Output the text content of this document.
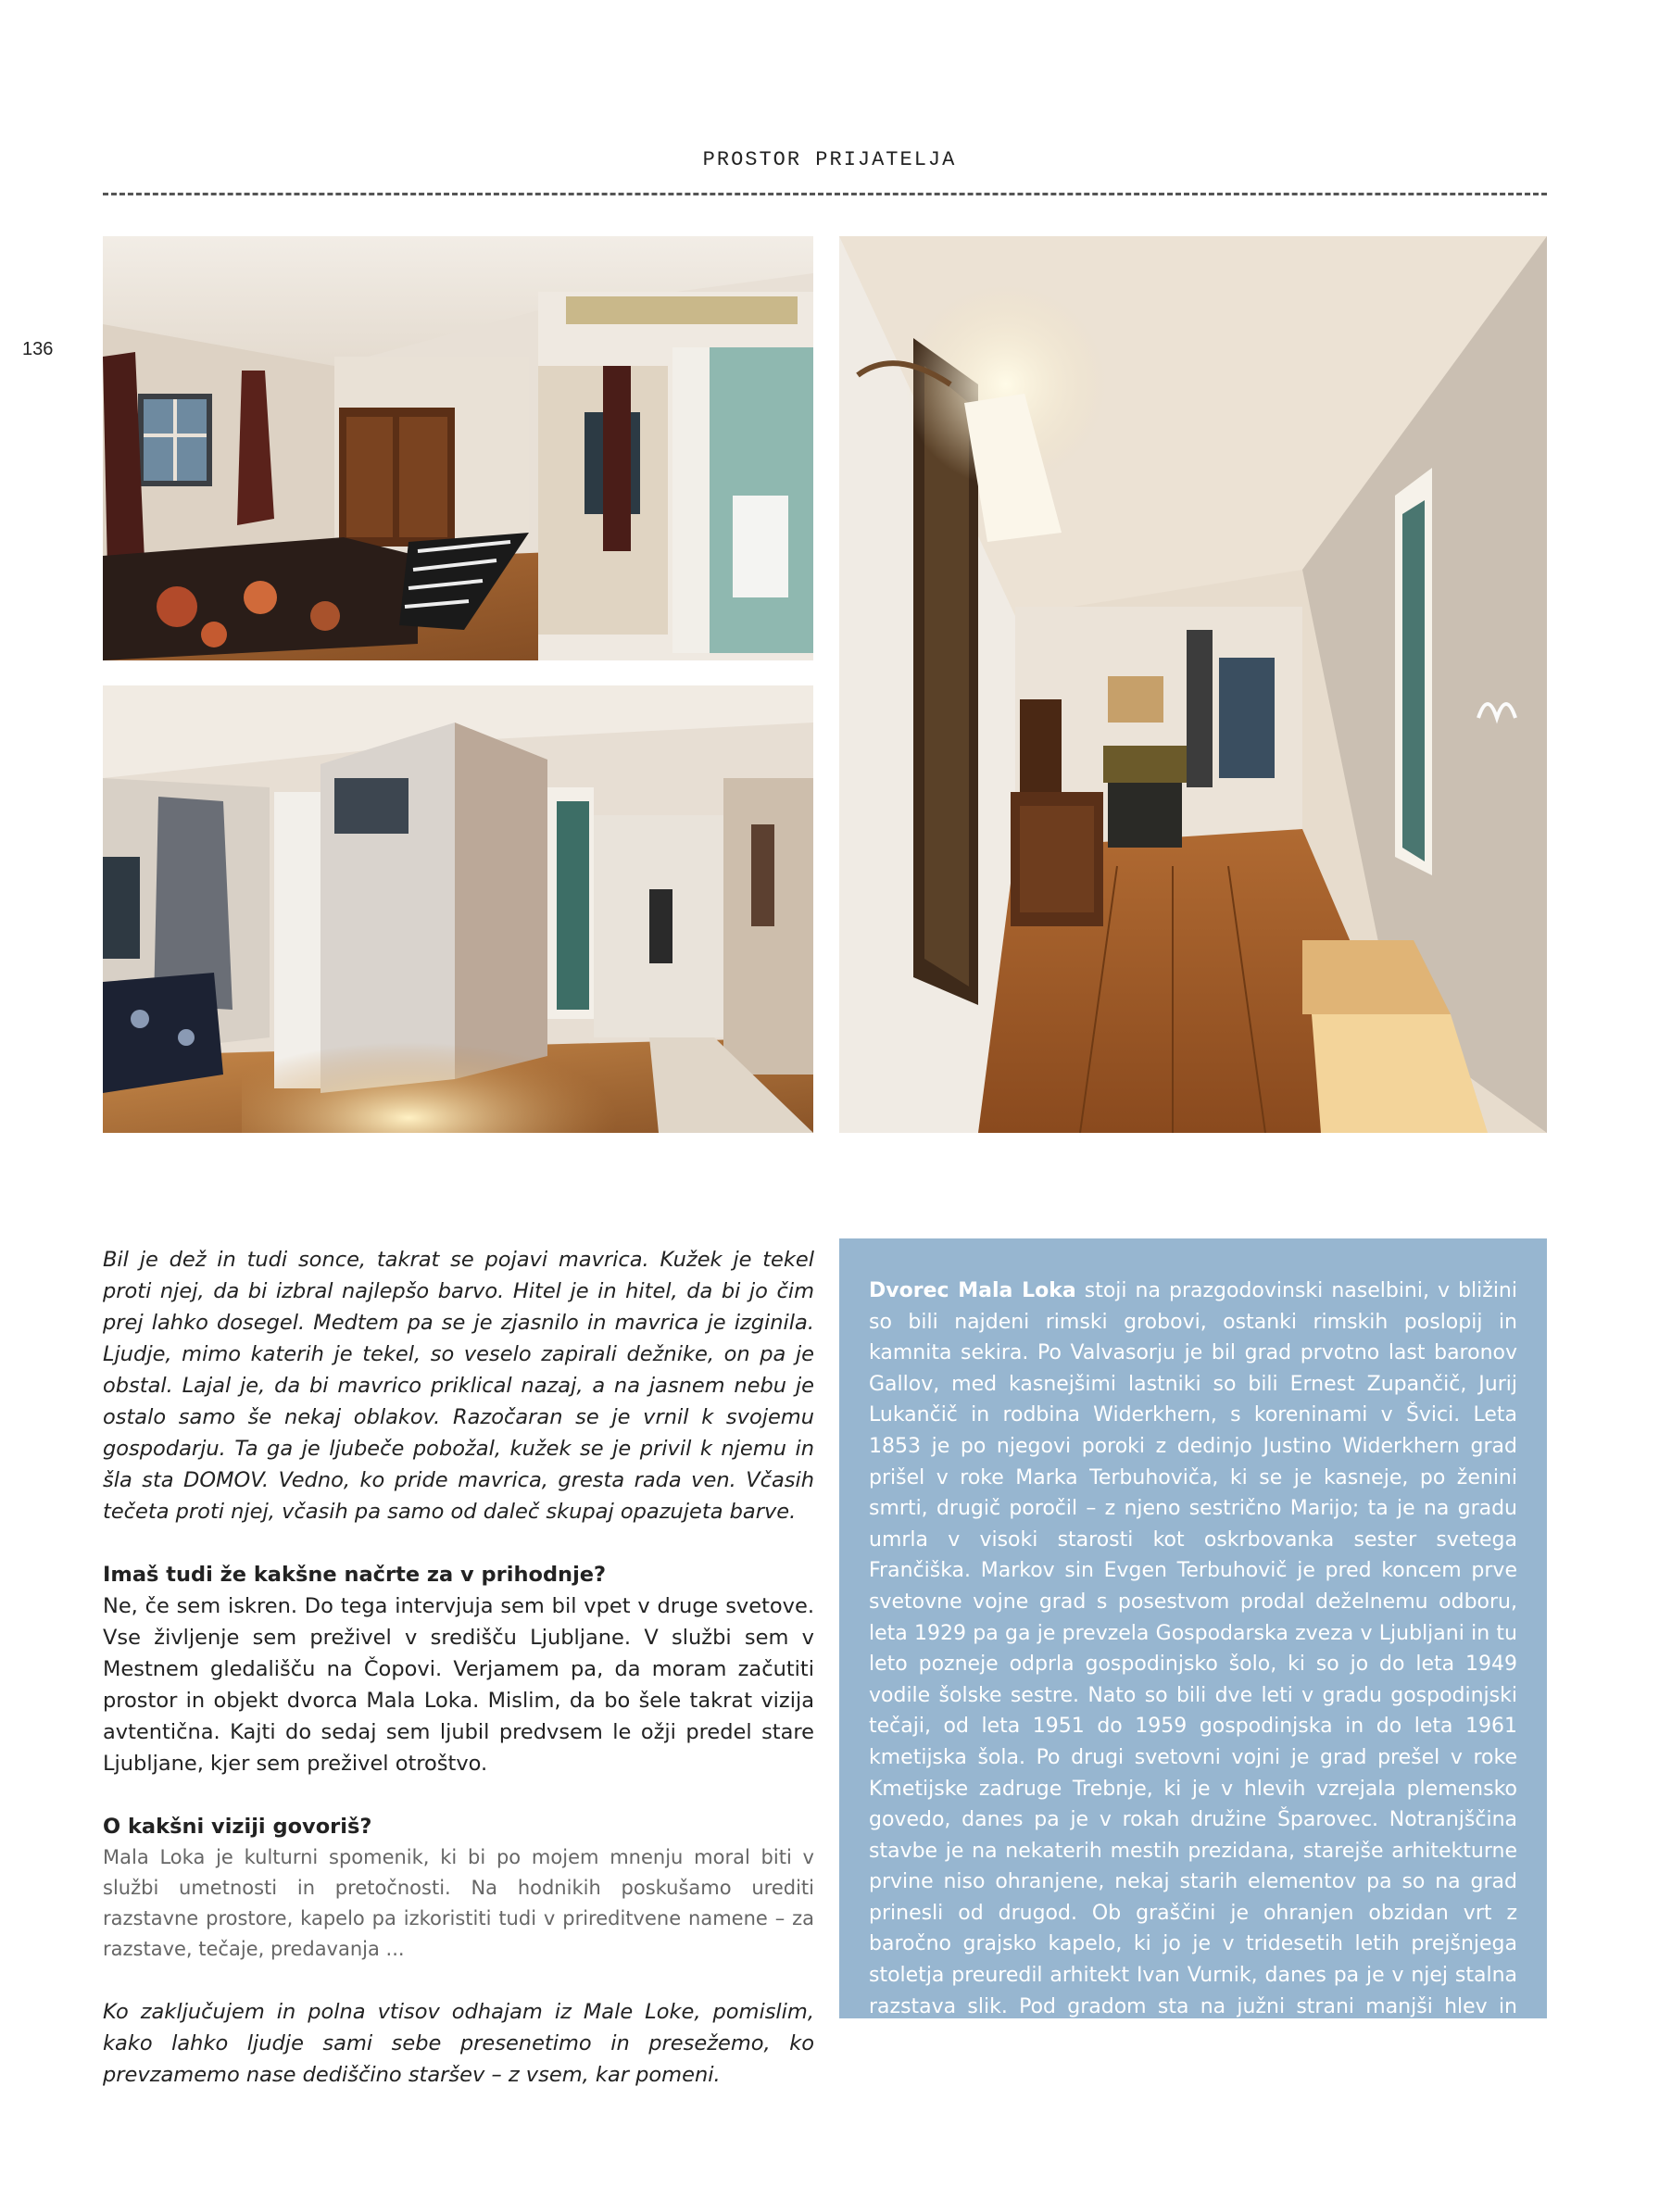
PROSTOR PRIJATELJA
136

Bil je dež in tudi sonce, takrat se pojavi mavrica. Kužek je tekel proti njej, da bi izbral najlepšo barvo. Hitel je in hitel, da bi jo čim prej lahko dosegel. Medtem pa se je zjasnilo in mavrica je izginila. Ljudje, mimo katerih je tekel, so veselo zapirali dežnike, on pa je obstal. Lajal je, da bi mavrico priklical nazaj, a na jasnem nebu je ostalo samo še nekaj oblakov. Razočaran se je vrnil k svojemu gospodarju. Ta ga je ljubeče pobožal, kužek se je privil k njemu in šla sta DOMOV. Vedno, ko pride mavrica, gresta rada ven. Včasih tečeta proti njej, včasih pa samo od daleč skupaj opazujeta barve.

Imaš tudi že kakšne načrte za v prihodnje?

Ne, če sem iskren. Do tega intervjuja sem bil vpet v druge svetove. Vse življenje sem preživel v središču Ljubljane. V službi sem v Mestnem gledališču na Čopovi. Verjamem pa, da moram začutiti prostor in objekt dvorca Mala Loka. Mislim, da bo šele takrat vizija avtentična. Kajti do sedaj sem ljubil predvsem le ožji predel stare Ljubljane, kjer sem preživel otroštvo.

O kakšni viziji govoriš?

Mala Loka je kulturni spomenik, ki bi po mojem mnenju moral biti v službi umetnosti in pretočnosti. Na hodnikih poskušamo urediti razstavne prostore, kapelo pa izkoristiti tudi v prireditvene namene – za razstave, tečaje, predavanja ...

Ko zaključujem in polna vtisov odhajam iz Male Loke, pomislim, kako lahko ljudje sami sebe presenetimo in presežemo, ko prevzamemo nase dediščino staršev – z vsem, kar pomeni.

Dvorec Mala Loka stoji na prazgodovinski naselbini, v bližini so bili najdeni rimski grobovi, ostanki rimskih poslopij in kamnita sekira. Po Valvasorju je bil grad prvotno last baronov Gallov, med kasnejšimi lastniki so bili Ernest Zupančič, Jurij Lukančič in rodbina Widerkhern, s koreninami v Švici. Leta 1853 je po njegovi poroki z dedinjo Justino Widerkhern grad prišel v roke Marka Terbuhoviča, ki se je kasneje, po ženini smrti, drugič poročil – z njeno sestrično Marijo; ta je na gradu umrla v visoki starosti kot oskrbovanka sester svetega Frančiška. Markov sin Evgen Terbuhovič je pred koncem prve svetovne vojne grad s posestvom prodal deželnemu odboru, leta 1929 pa ga je prevzela Gospodarska zveza v Ljubljani in tu leto pozneje odprla gospodinjsko šolo, ki so jo do leta 1949 vodile šolske sestre. Nato so bili dve leti v gradu gospodinjski tečaji, od leta 1951 do 1959 gospodinjska in do leta 1961 kmetijska šola. Po drugi svetovni vojni je grad prešel v roke Kmetijske zadruge Trebnje, ki je v hlevih vzrejala plemensko govedo, danes pa je v rokah družine Šparovec. Notranjščina stavbe je na nekaterih mestih prezidana, starejše arhitekturne prvine niso ohranjene, nekaj starih elementov pa so na grad prinesli od drugod. Ob graščini je ohranjen obzidan vrt z baročno grajsko kapelo, ki jo je v tridesetih letih prejšnjega stoletja preuredil arhitekt Ivan Vurnik, danes pa je v njej stalna razstava slik. Pod gradom sta na južni strani manjši hlev in maneža, kjer so dresirali konje. (Vir: zemljevid.najdi.si/kraj/POI49751/mala-loka)
